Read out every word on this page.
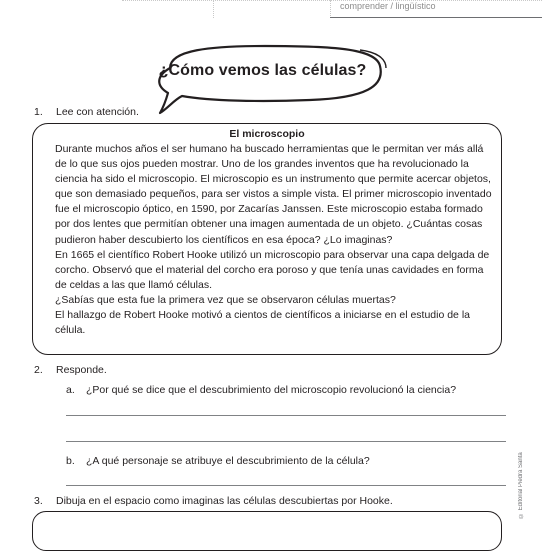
comprender / lingüístico
¿Cómo vemos las células?
1. Lee con atención.
El microscopio

Durante muchos años el ser humano ha buscado herramientas que le permitan ver más allá de lo que sus ojos pueden mostrar. Uno de los grandes inventos que ha revolucionado la ciencia ha sido el microscopio. El microscopio es un instrumento que permite acercar objetos, que son demasiado pequeños, para ser vistos a simple vista. El primer microscopio inventado fue el microscopio óptico, en 1590, por Zacarías Janssen. Este microscopio estaba formado por dos lentes que permitían obtener una imagen aumentada de un objeto. ¿Cuántas cosas pudieron haber descubierto los científicos en esa época? ¿Lo imaginas?

En 1665 el científico Robert Hooke utilizó un microscopio para observar una capa delgada de corcho. Observó que el material del corcho era poroso y que tenía unas cavidades en forma de celdas a las que llamó células.

¿Sabías que esta fue la primera vez que se observaron células muertas?

El hallazgo de Robert Hooke motivó a cientos de científicos a iniciarse en el estudio de la célula.

2. Responde.
a. ¿Por qué se dice que el descubrimiento del microscopio revolucionó la ciencia?
b. ¿A qué personaje se atribuye el descubrimiento de la célula?
3. Dibuja en el espacio como imaginas las células descubiertas por Hooke.	© Editorial Piedra Santa
